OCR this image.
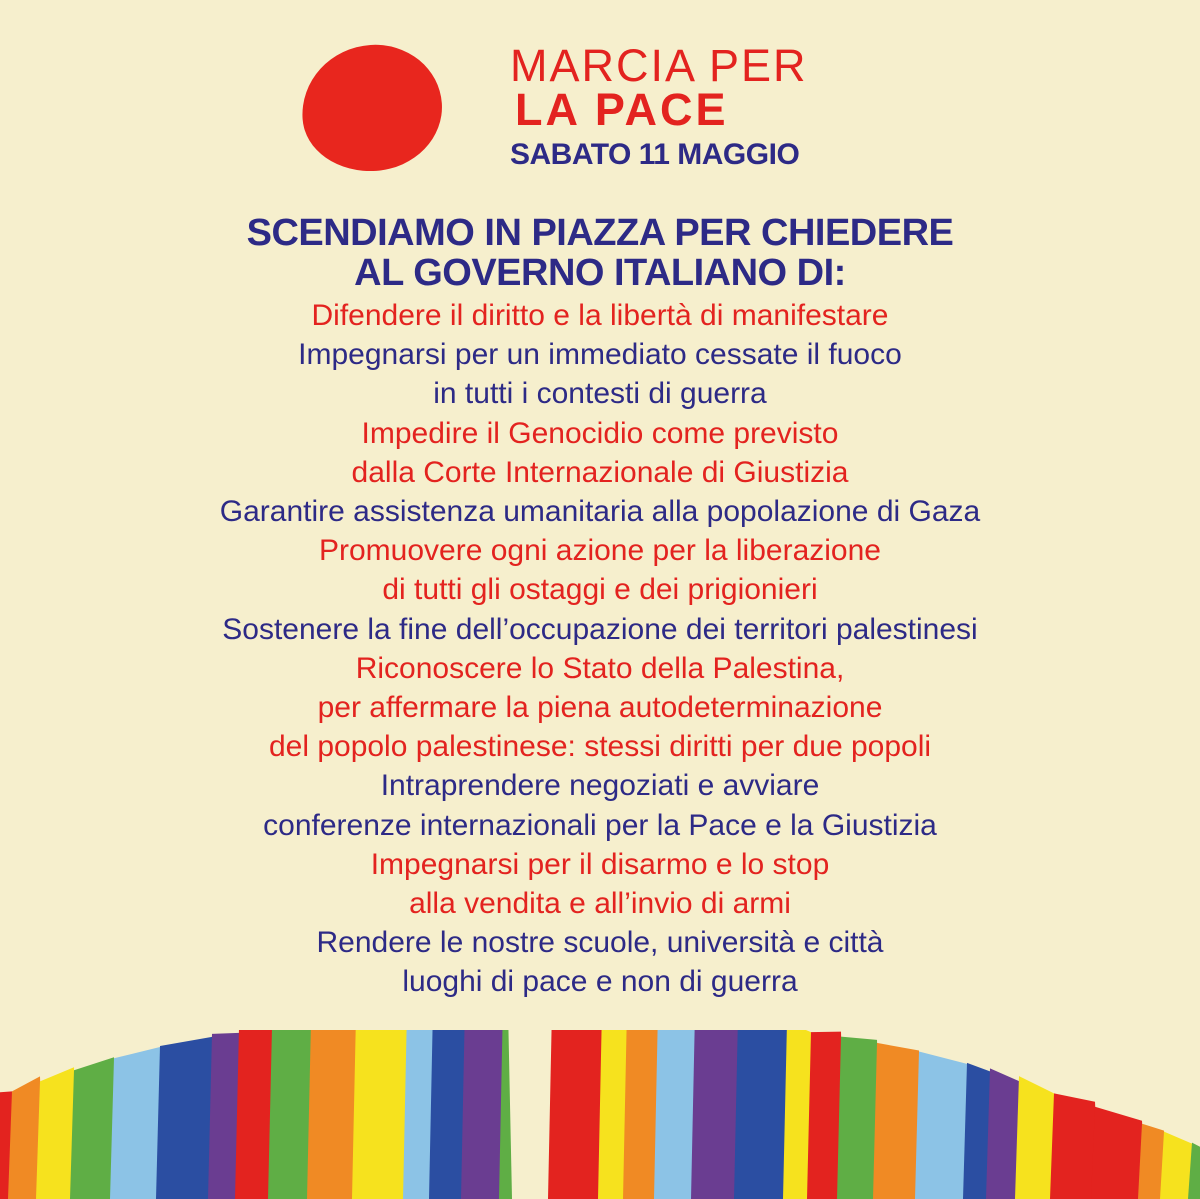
MARCIA PER
LA PACE
SABATO 11 MAGGIO
SCENDIAMO IN PIAZZA PER CHIEDERE
AL GOVERNO ITALIANO DI:
Difendere il diritto e la libertà di manifestare
Impegnarsi per un immediato cessate il fuoco
in tutti i contesti di guerra
Impedire il Genocidio come previsto
dalla Corte Internazionale di Giustizia
Garantire assistenza umanitaria alla popolazione di Gaza
Promuovere ogni azione per la liberazione
di tutti gli ostaggi e dei prigionieri
Sostenere la fine dell’occupazione dei territori palestinesi
Riconoscere lo Stato della Palestina,
per affermare la piena autodeterminazione
del popolo palestinese: stessi diritti per due popoli
Intraprendere negoziati e avviare
conferenze internazionali per la Pace e la Giustizia
Impegnarsi per il disarmo e lo stop
alla vendita e all’invio di armi
Rendere le nostre scuole, università e città
luoghi di pace e non di guerra
